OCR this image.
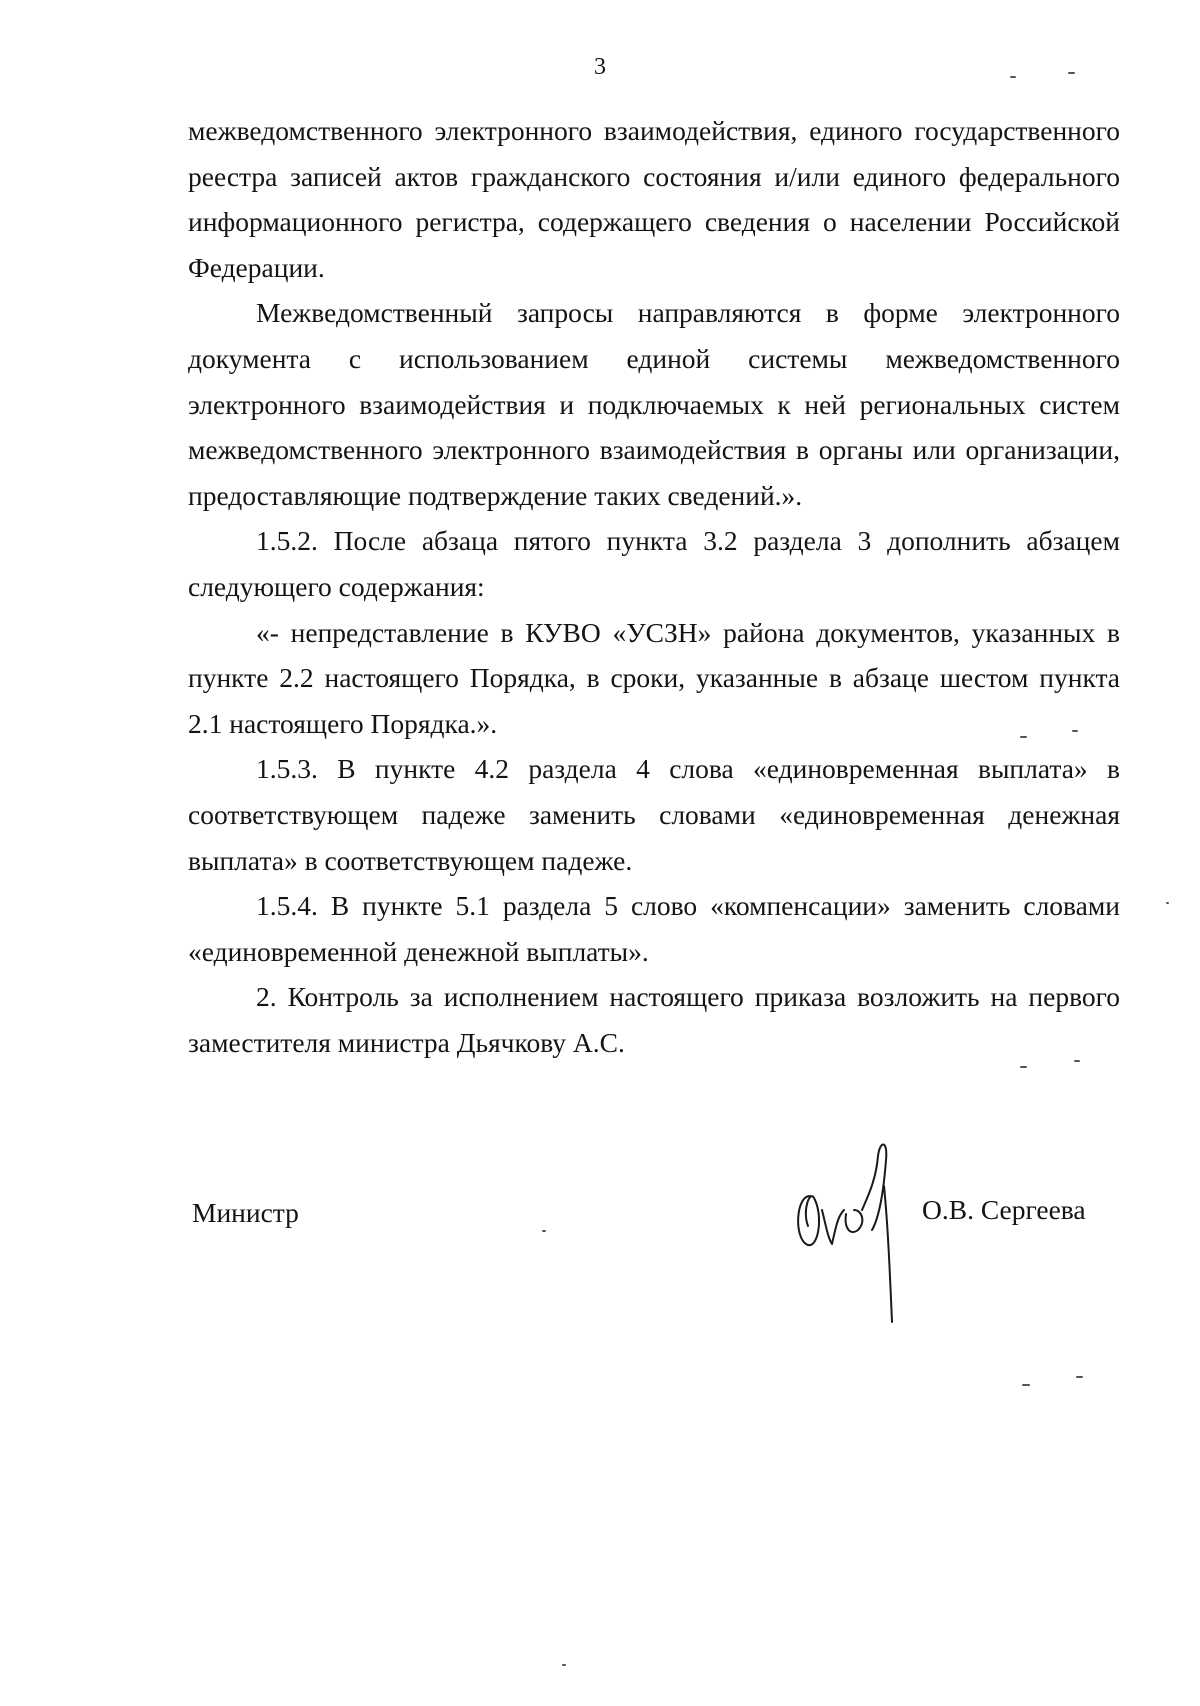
3

межведомственного электронного взаимодействия, единого государственного реестра записей актов гражданского состояния и/или единого федерального информационного регистра, содержащего сведения о населении Российской Федерации.

Межведомственный запросы направляются в форме электронного документа с использованием единой системы межведомственного электронного взаимодействия и подключаемых к ней региональных систем межведомственного электронного взаимодействия в органы или организации, предоставляющие подтверждение таких сведений.».

1.5.2. После абзаца пятого пункта 3.2 раздела 3 дополнить абзацем следующего содержания:

«- непредставление в КУВО «УСЗН» района документов, указанных в пункте 2.2 настоящего Порядка, в сроки, указанные в абзаце шестом пункта 2.1 настоящего Порядка.».

1.5.3. В пункте 4.2 раздела 4 слова «единовременная выплата» в соответствующем падеже заменить словами «единовременная денежная выплата» в соответствующем падеже.

1.5.4. В пункте 5.1 раздела 5 слово «компенсации» заменить словами «единовременной денежной выплаты».

2. Контроль за исполнением настоящего приказа возложить на первого заместителя министра Дьячкову А.С.

Министр	О.В. Сергеева
